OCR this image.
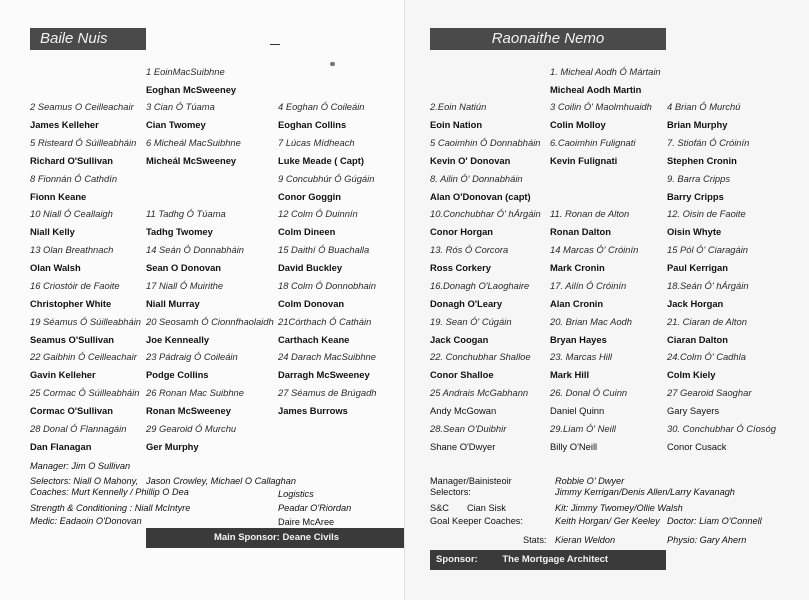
Baile Nuis
1 EoinMacSuibhne
Eoghan McSweeney
2 Seamus O Ceilleachair
James Kelleher
3 Cian Ó Túama
Cian Twomey
4 Eoghan Ó Coileáin
Eoghan Collins
5 Risteard Ó Súilleabháin
Richard O'Sullivan
6 Micheál MacSuibhne
Micheál McSweeney
7 Lúcas Mídheach
Luke Meade ( Capt)
8 Fionnán Ó Cathdín
Fionn Keane
9 Concubhúr Ó Gúgáin
Conor Goggin
10 Niall Ó Ceallaigh
Niall Kelly
11 Tadhg Ó Túama
Tadhg Twomey
12 Colm Ó Duinnín
Colm Dineen
13 Olan Breathnach
Olan Walsh
14 Seán Ó Donnabháin
Sean O Donovan
15 Daithí Ó Buachalla
David Buckley
16 Criostóir de Faoite
Christopher White
17 Niall Ó Muirithe
Niall Murray
18 Colm Ó Donnobhain
Colm Donovan
19 Séamus Ó Súilleabháin
Seamus O'Sullivan
20 Seosamh Ó Cionnfhaolaidh
Joe Kenneally
21Córthach Ó Catháin
Carthach Keane
22 Gaibhin Ó Ceilleachair
Gavin Kelleher
23 Pádraig Ó Coileáin
Podge Collins
24 Darach MacSuibhne
Darragh McSweeney
25 Cormac Ó Súilleabháin
Cormac O'Sullivan
26 Ronan Mac Suibhne
Ronan McSweeney
27 Séamus de Brúgadh
James Burrows
28 Donal Ó Flannagáin
Dan Flanagan
29 Gearoid Ó Murchu
Ger Murphy
Manager: Jim O Sullivan
Selectors: Niall O Mahony, Jason Crowley, Michael O Callaghan
Coaches: Murt Kennelly / Phillip O Dea	Logistics
Strength & Conditioning : Niall McIntyre	Peadar O'Riordan
Medic: Eadaoin O'Donovan	Daire McAree
Main Sponsor: Deane Civils
Raonaithe Nemo
1. Micheal Aodh Ó Mártain
Micheal Aodh Martin
2.Eoin Natiún
Eoin Nation
3 Coilin Ó' Maolmhuaidh
Colin Molloy
4 Brian Ó Murchú
Brian Murphy
5 Caoimhin Ó Donnabháin
Kevin O' Donovan
6.Caoimhin Fulignati
Kevin Fulignati
7. Stiofán Ó Cróinín
Stephen Cronin
8. Ailin Ó' Donnabháin
Alan O'Donovan (capt)
9. Barra Cripps
Barry Cripps
10.Conchubhar Ó' hÁrgáin
Conor Horgan
11. Ronan de Alton
Ronan Dalton
12. Oisin de Faoite
Oisin Whyte
13. Rós Ó Corcora
Ross Corkery
14 Marcas Ó' Cróinín
Mark Cronin
15 Pól Ó' Ciaragáin
Paul Kerrigan
16.Donagh O'Laoghaire
Donagh O'Leary
17. Ailín Ó Cróinín
Alan Cronin
18.Seán Ó' hÁrgáin
Jack Horgan
19. Sean Ó' Cúgáin
Jack Coogan
20. Brian Mac Aodh
Bryan Hayes
21. Ciaran de Alton
Ciaran Dalton
22. Conchubhar Shalloe
Conor Shalloe
23. Marcas Hill
Mark Hill
24.Colm Ó' Cadhla
Colm Kiely
25 Andrais McGabhann
Andy McGowan
26. Donal Ó Cuinn
Daniel Quinn
27 Gearoid Saoghar
Gary Sayers
28.Sean O'Duibhir
Shane O'Dwyer
29.Liam Ó' Neill
Billy O'Neill
30. Conchubhar Ó Cíosóg
Conor Cusack
Manager/Bainisteoir	Robbie O' Dwyer
Selectors:	Jimmy Kerrigan/Denis Allen/Larry Kavanagh
S&C Cian Sisk	Kit: Jimmy Twomey/Ollie Walsh
Goal Keeper Coaches:	Keith Horgan/ Ger Keeley Doctor: Liam O'Connell
Stats: Kieran Weldon	Physio: Gary Ahern
Sponsor:	The Mortgage Architect
